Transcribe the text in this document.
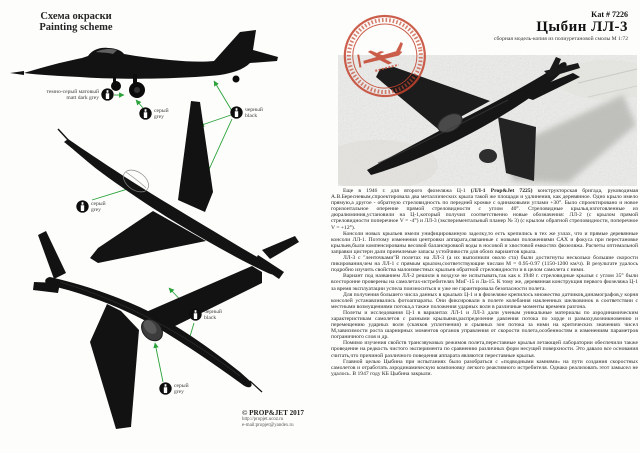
Схема окраски
Painting scheme
темно-серый матовый
matt dark grey
серый
grey
черный
black
серый
grey
черный
black
серый
grey
© PROP&JET 2017
http://propjet.ucoz.ru
e-mail:propjet@yandex.ru
Kat # 7226
Цыбин ЛЛ-3
сборная модель-копия из полиуретановой смолы М 1:72

Еще в 1946 г. для второго фюзеляжа Ц-1 (ЛЛ-1 Prop&Jet 7225) конструкторская бригада, руководимая А.В.Бересневым,спроектировала два металлических крыла такой же площади и удлинения, как деревянное. Одно крыло имело прямую,а другое - обратную стреловидность по передней кромке с одинаковыми углами +30°. Было спроектировано и новое горизонтальное оперение прямой стреловидности с углом 40°. Стреловидные крылья,изготовленные из дюралюминия,установили на Ц-1,который получил соответственно новые обозначения: ЛЛ-2 (с крылом прямой стреловидности поперечное V = -4°) и ЛЛ-3 (экспериментальный планер № 3) (с крылом обратной стреловидности, поперечное V = +12°).

Консоли новых крыльев имели унифицированную заделку,то есть крепились в тех же узлах, что и прямые деревянные консоли ЛЛ-1. Поэтому изменения центровки аппарата,связанные с новыми положениями САХ и фокуса при перестановке крыльев,были компенсированы весовой балансировкой воды в носовой и хвостовой емкостях фюзеляжа. Расчеты оптимальной заправки цистерн дали приемлемые запасы устойчивости для обоих вариантов крыла.

ЛЛ-3 с "ленточками"В полетах на ЛЛ-3 (а их выполнили около ста) были достигнуты несколько большие скорости пикирования,чем на ЛЛ-1 с прямым крылом,соответствующие числам М = 0.95-0.97 (1150-1200 км/ч). В результате удалось подробно изучить свойства малоизвестных крыльев обратной стреловидности и в целом самолета с ними.

Вариант под названием ЛЛ-2 решили в воздухе не испытывать,так как к 1948 г. стреловидные крылья с углом 35° были всесторонне проверены на самолетах-истребителях МиГ-15 и Ла-15. К тому же, деревянная конструкция первого фюзеляжа Ц-1 за время эксплуатации успела поизноситься и уже не гарантировала безопасности полета.

Для получения большего числа данных в крыльях Ц-1 и в фюзеляже крепилось множество датчиков,динамографов,у корня консолей устанавливались фотоаппараты. Они фиксировали в полете колебания наклеенных шелковинок в соответствии с местными возмущениями потока,а также положения ударных волн в различные моменты времени разгона.

Полеты и исследования Ц-1 в вариантах ЛЛ-1 и ЛЛ-3 дали ученым уникальные материалы по аэродинамическим характеристикам самолетов с разными крыльями,распределение давления потока по хорде и размаху,возникновению и перемещению ударных волн (скачков уплотнения) и срывных зон потока за ними на критических значениях чисел М,зависимости роста шарнирных моментов органов управления от скорости полета,особенностям и изменениям параметров пограничного слоя и др.

Помимо изучения свойств трансзвуковых режимов полета,переставные крылья летающей лаборатории обеспечили также проведение на редкость чистого эксперимента по сравнению различных форм несущей поверхности. Это давало все основания считать,что причиной различного поведения аппарата являются переставные крылья.

Главной целью Цыбина при испытаниях было разобраться с «подводными камнями» на пути создания скоростных самолетов и отработать аэродинамическую компоновку легкого реактивного истребителя. Однако реализовать этот замысел не удалось. В 1947 году КБ Цыбина закрыли.
